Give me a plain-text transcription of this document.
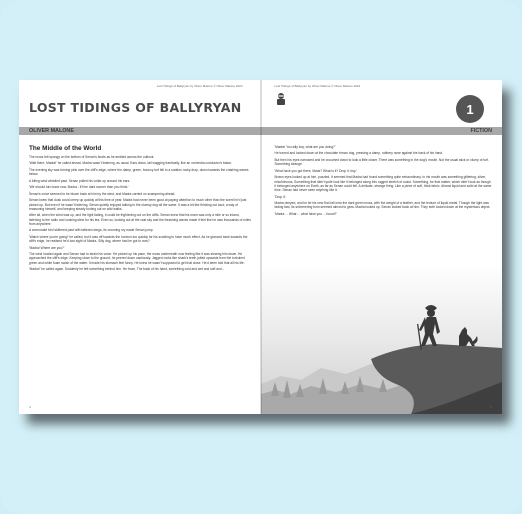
Lost Tidings of Ballyryan by Oliver Malone © Oliver Malone 2024
LOST TIDINGS OF BALLYRYAN
OLIVER MALONE
The Middle of the World

The moss felt spongy on the bottom of Senan's boots as he ambled across the outlook.

'Wait there, Madra!' he called ahead. Madra wasn't listening, as usual. Ears down, tail wagging frantically, like an orchestra conductor's baton.

The evening sky was turning pink over the cliff's edge, where the damp, green, bouncy turf fell to a sudden rocky drop, down towards the crashing waves below.

A biting wind whistled past. Senan pulled his collar up around his ears.

'We should turn back now, Madra - it'll be dark sooner than you think.'

Senan's voice seemed to be blown back at him by the wind, and Madra carried on scampering ahead.

Senan knew that dusk could creep up quickly at this time of year. Madra had never been good at paying attention to much other than the scent he'd just picked up. But even if he wasn't listening, Senan quietly enjoyed talking to the clumsy dog all the same. It was a bit like thinking out loud; a way of reassuring himself, and keeping steady footing out on wild walks.

After all, when the wind was up, and the light fading, it could be frightening out on the cliffs. Senan knew that his mam was only a mile or so inland, listening to the radio and cooking stew for his tea. Even so, looking out at the vast sky and the thrashing waves made it feel like he was thousands of miles from anywhere.

A cormorake bird skittered past with tattered wings, its crooning cry made Senan jump.

'Watch where you're going!' he called, but it was off towards the horizon too quickly for his scolding to have much effect. As he glanced back towards the cliff's edge, he realised he'd lost sight of Madra. Silly dog, where had he got to now?

'Madra! Where are you?'

The wind howled again and Senan had to strain his voice. He picked up his pace, the moss underneath now feeling like it was slowing him down. He approached the cliff's edge. Keeping close to the ground, he peered down cautiously. Jagged rocks like shark's teeth jutted upwards from the turbulent green and white foam swish of the water. It made his stomach feel funny. He knew he wasn't supposed to get that close. He'd been told that all his life.

'Madra!' he called again. Suddenly he felt something behind him. He froze. The back of his hand, something cold and wet and soft and...

4
Lost Tidings of Ballyryan by Oliver Malone © Oliver Malone 2024
1
FICTION

'Madra! You silly boy, what are you doing?'

He turned and looked down at the chocolate brown dog, pressing a damp, rubbery nose against the back of his hand.

But then his eyes narrowed and he crouched down to look a little closer. There was something in the dog's mouth. Not the usual stick or clump of turf. Something strange.

'What have you got there, Madz? What is it? Drop it, boy.'

Brown eyes looked up at him, puzzled. It seemed that Madra had found something quite extraordinary. In his mouth was something glittering, silver, mischievous. Something that didn't quite look like it belonged along this rugged stretch of coast. Something, for that matter, which didn't look as though it belonged anywhere on Earth, as far as Senan could tell. A delicate, strange thing. Like a piece of soft, thick fabric. Almost liquid and solid at the same time. Senan had never seen anything like it.

'Drop it.'

Madra obeyed, and he let his new find fall onto the dark green moss, with the weight of a feather, and the texture of liquid metal. Though the light was fading fast, its shimmering form seemed almost to glow. Madra looked up. Senan looked back at him. They both looked down at the mysterious object.

'Madra ... What ... what have you ... found?'

5
